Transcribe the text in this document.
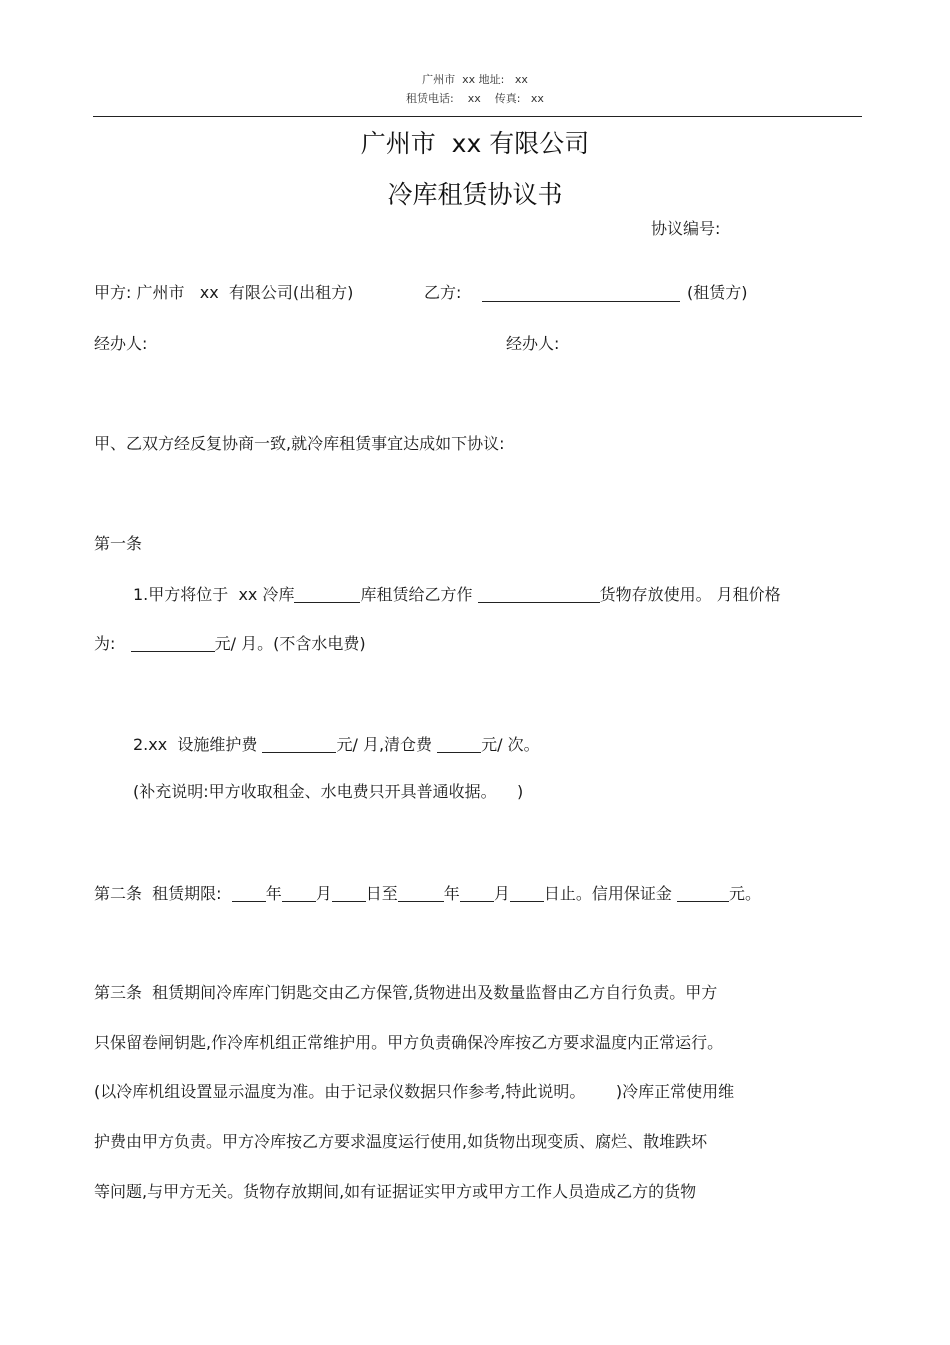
广州市  xx 地址:   xx
租赁电话:    xx    传真:   xx
广州市  xx 有限公司
冷库租赁协议书
协议编号:
甲方: 广州市   xx  有限公司(出租方)	乙方:	(租赁方)
经办人:	经办人:
甲、乙双方经反复协商一致,就冷库租赁事宜达成如下协议:
第一条
1.甲方将位于  xx 冷库	库租赁给乙方作	货物存放使用。 月租价格
为:	元/ 月。(不含水电费)
2.xx  设施维护费	元/ 月,清仓费	元/ 次。
(补充说明:甲方收取租金、水电费只开具普通收据。    )
第二条  租赁期限:	年 月 日至	年 月 日止。信用保证金	元。
第三条  租赁期间冷库库门钥匙交由乙方保管,货物进出及数量监督由乙方自行负责。甲方
只保留卷闸钥匙,作冷库机组正常维护用。甲方负责确保冷库按乙方要求温度内正常运行。
(以冷库机组设置显示温度为准。由于记录仪数据只作参考,特此说明。      )冷库正常使用维
护费由甲方负责。甲方冷库按乙方要求温度运行使用,如货物出现变质、腐烂、散堆跌坏
等问题,与甲方无关。货物存放期间,如有证据证实甲方或甲方工作人员造成乙方的货物
